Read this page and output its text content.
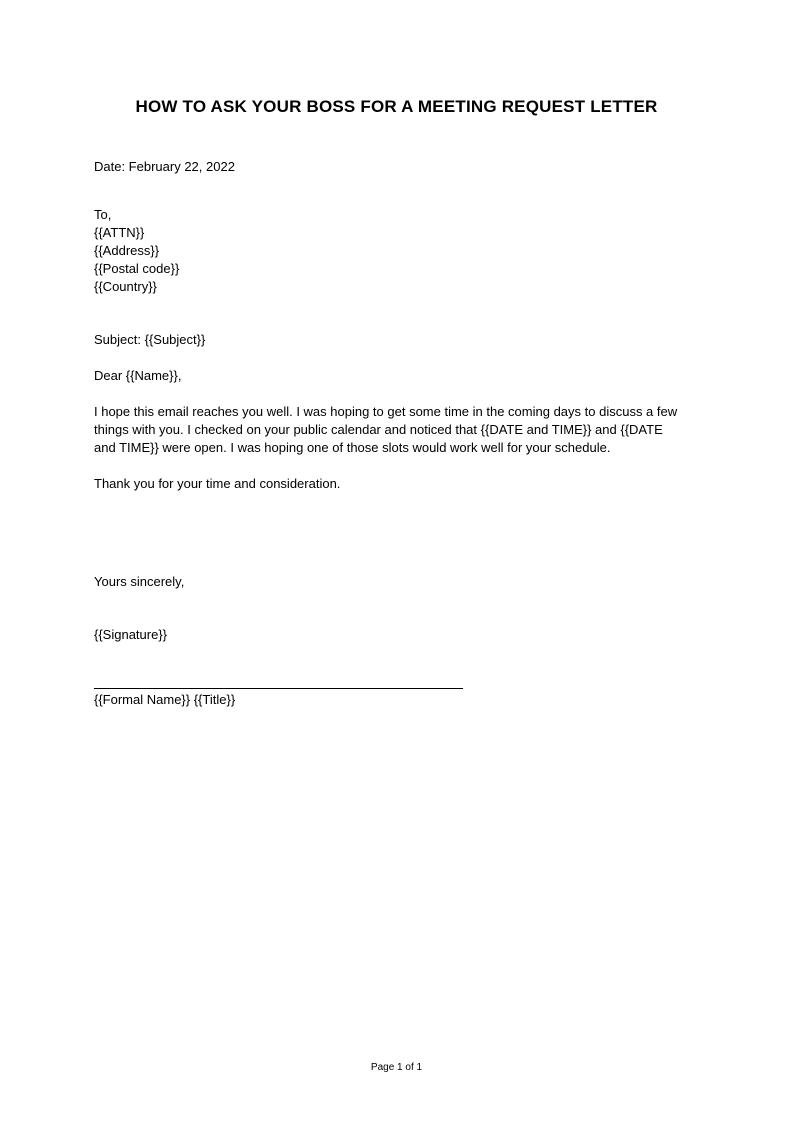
HOW TO ASK YOUR BOSS FOR A MEETING REQUEST LETTER
Date: February 22, 2022
To,
{{ATTN}}
{{Address}}
{{Postal code}}
{{Country}}
Subject: {{Subject}}
Dear {{Name}},
I hope this email reaches you well. I was hoping to get some time in the coming days to discuss a few
things with you. I checked on your public calendar and noticed that {{DATE and TIME}} and {{DATE
and TIME}} were open. I was hoping one of those slots would work well for your schedule.
Thank you for your time and consideration.
Yours sincerely,
{{Signature}}
{{Formal Name}} {{Title}}
Page 1 of 1
